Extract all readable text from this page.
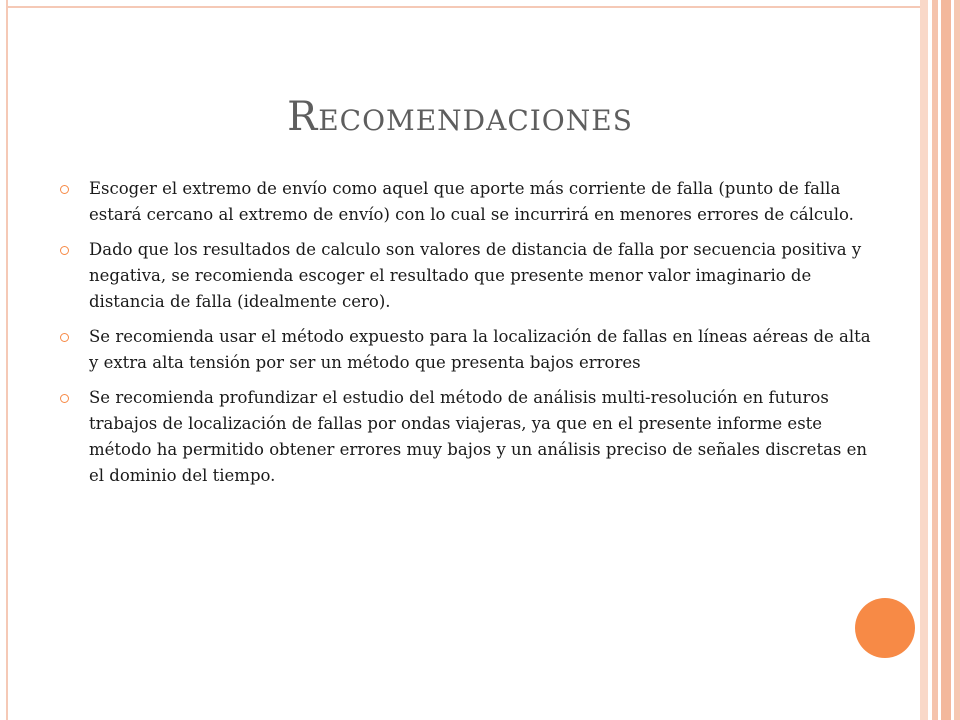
Recomendaciones
Escoger el extremo de envío como aquel que aporte más corriente de falla (punto de falla estará cercano al extremo de envío) con lo cual se incurrirá en menores errores de cálculo.
Dado que los resultados de calculo son valores de distancia de falla por secuencia positiva y negativa, se recomienda escoger el resultado que presente menor valor imaginario de distancia de falla (idealmente cero).
Se recomienda usar el método expuesto para la localización de fallas en líneas aéreas de alta y extra alta tensión por ser un método que presenta bajos errores
Se recomienda profundizar el estudio del método de análisis multi-resolución en futuros trabajos de localización de fallas por ondas viajeras, ya que en el presente informe este método ha permitido obtener errores muy bajos y un análisis preciso de señales discretas en el dominio del tiempo.
